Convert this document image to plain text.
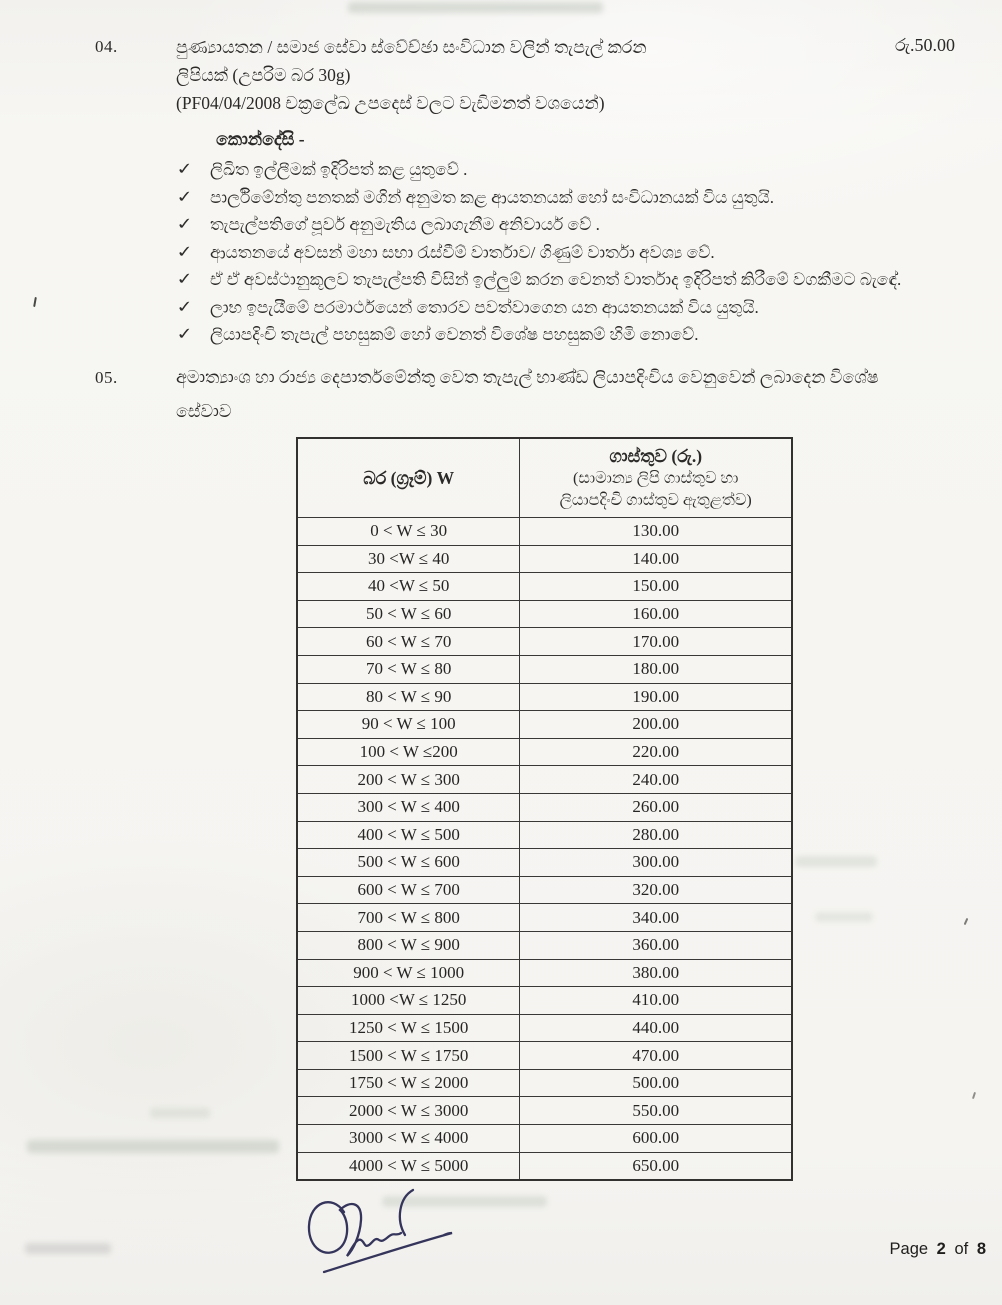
04.	පුණ්‍යායතන / සමාජ සේවා ස්වේච්ඡා සංවිධාන වලින් තැපැල් කරන
ලිපියක් (උපරිම බර 30g)
(PF04/04/2008 චක්‍රලේඛ උපදෙස් වලට වැඩිමනත් වශයෙන්)
රු.50.00
කොන්දේසි -
✓ ලිඛිත ඉල්ලීමක් ඉදිරිපත් කළ යුතුවේ .
✓ පාර්ලිමේන්තු පනතක් මගින් අනුමත කළ ආයතනයක් හෝ සංවිධානයක් විය යුතුයි.
✓ තැපැල්පතිගේ පූර්ව අනුමැතිය ලබාගැනීම අනිවාර්ය වේ .
✓ ආයතනයේ අවසන් මහා සභා රැස්වීම් වාර්තාව/ ගිණුම් වාර්තා අවශ්‍ය වේ.
✓ ඒ ඒ අවස්ථානුකූලව තැපැල්පති විසින් ඉල්ලුම් කරන වෙනත් වාර්තාද ඉදිරිපත් කිරීමේ වගකීමට බැඳේ.
✓ ලාභ ඉපැයීමේ පරමාර්ථයෙන් තොරව පවත්වාගෙන යන ආයතනයක් විය යුතුයි.
✓ ලියාපදිංචි තැපැල් පහසුකම් හෝ වෙනත් විශේෂ පහසුකම් හිමි නොවේ.
05.	අමාත්‍යාංශ හා රාජ්‍ය දෙපාර්තමේන්තු වෙත තැපැල් භාණ්ඩ ලියාපදිංචිය වෙනුවෙන් ලබාදෙන විශේෂ සේවාව
බර (ග්‍රෑම්) W	ගාස්තුව (රු.)
(සාමාන්‍ය ලිපි ගාස්තුව හා
ලියාපදිංචි ගාස්තුව ඇතුළත්ව)

0 < W ≤ 30	130.00
30 <W ≤ 40	140.00
40 <W ≤ 50	150.00
50 < W ≤ 60	160.00
60 < W ≤ 70	170.00
70 < W ≤ 80	180.00
80 < W ≤ 90	190.00
90 < W ≤ 100	200.00
100 < W ≤200	220.00
200 < W ≤ 300	240.00
300 < W ≤ 400	260.00
400 < W ≤ 500	280.00
500 < W ≤ 600	300.00
600 < W ≤ 700	320.00
700 < W ≤ 800	340.00
800 < W ≤ 900	360.00
900 < W ≤ 1000	380.00
1000 <W ≤ 1250	410.00
1250 < W ≤ 1500	440.00
1500 < W ≤ 1750	470.00
1750 < W ≤ 2000	500.00
2000 < W ≤ 3000	550.00
3000 < W ≤ 4000	600.00
4000 < W ≤ 5000	650.00
Page 2 of 8
